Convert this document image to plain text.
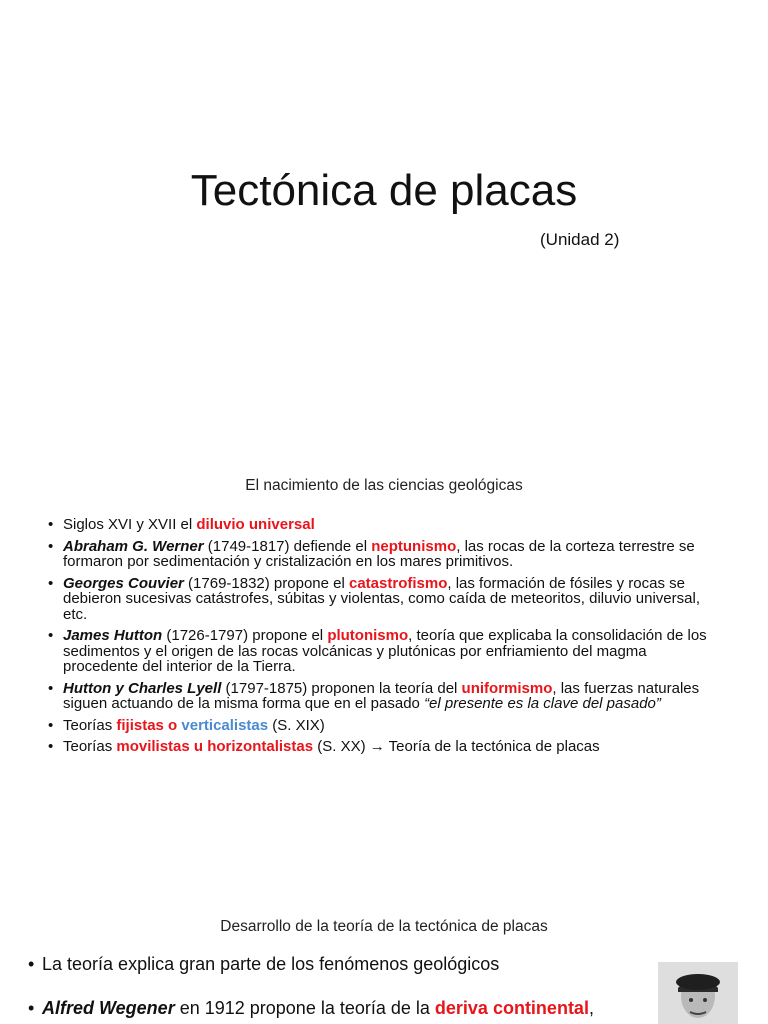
Tectónica de placas
(Unidad 2)
El nacimiento de las ciencias geológicas
• Siglos XVI y XVII el diluvio universal
• Abraham G. Werner (1749-1817) defiende el neptunismo, las rocas de la corteza terrestre se formaron por sedimentación y cristalización en los mares primitivos.
• Georges Couvier (1769-1832) propone el catastrofismo, las formación de fósiles y rocas se debieron sucesivas catástrofes, súbitas y violentas, como caída de meteoritos, diluvio universal, etc.
• James Hutton (1726-1797) propone el plutonismo, teoría que explicaba la consolidación de los sedimentos y el origen de las rocas volcánicas y plutónicas por enfriamiento del magma procedente del interior de la Tierra.
• Hutton y Charles Lyell (1797-1875) proponen la teoría del uniformismo, las fuerzas naturales siguen actuando de la misma forma que en el pasado “el presente es la clave del pasado”
• Teorías fijistas o verticalistas (S. XIX)
• Teorías movilistas u horizontalistas (S. XX) → Teoría de la tectónica de placas
Desarrollo de la teoría de la tectónica de placas
• La teoría explica gran parte de los fenómenos geológicos
• Alfred Wegener en 1912 propone la teoría de la deriva continental,
